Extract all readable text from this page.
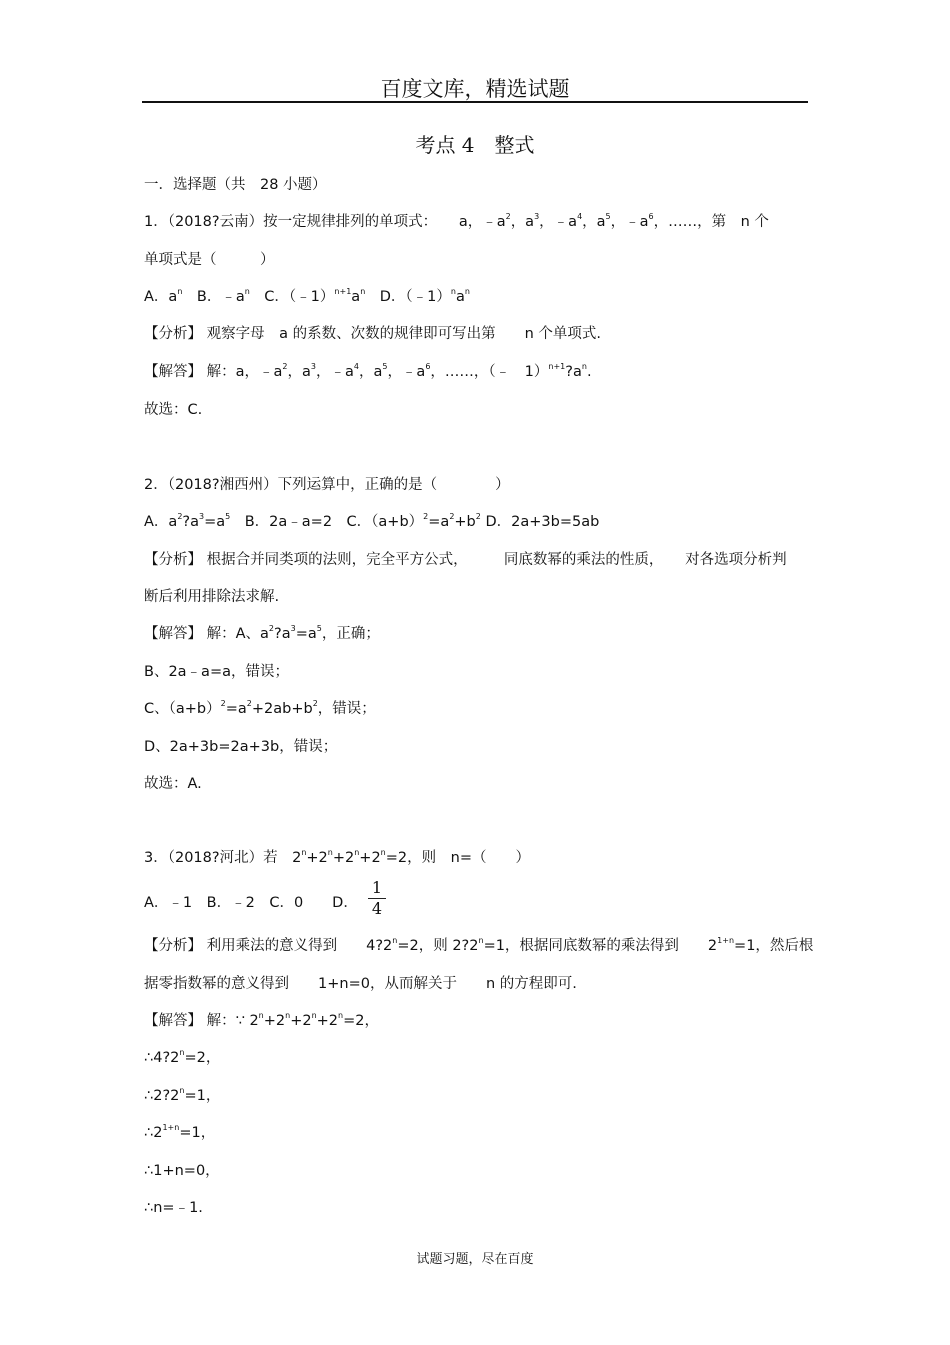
百度文库，精选试题
考点 4　整式
一．选择题（共　28 小题）
1．（2018?云南）按一定规律排列的单项式：　　a，$﹣a^2$，$a^3$，$﹣a^4$，$a^5$，$﹣a^6$，……，第　n 个
单项式是（　　　）
A．$a^n$　B．$﹣a^n$　C．$(﹣1)^{n+1}a^n$　D．$(﹣1)^na^n$
【分析】 观察字母　a 的系数、次数的规律即可写出第　　n 个单项式.
【解答】 解：a，$﹣a^2$，$a^3$，$﹣a^4$，$a^5$，$﹣a^6$，……，（﹣　$1)^{n+1}?a^n$.
故选：C.
2．（2018?湘西州）下列运算中，正确的是（　　　　）
A．$a^2?a^3=a^5$　B．2a﹣a=2　C．$(a+b)^2=a^2+b^2$ D．2a+3b=5ab
【分析】 根据合并同类项的法则，完全平方公式，　　　同底数幂的乘法的性质，　　对各选项分析判
断后利用排除法求解.
【解答】 解：A、$a^2?a^3=a^5$，正确；
B、2a﹣a=a，错误；
C、$(a+b)^2=a^2+2ab+b^2$，错误；
D、2a+3b=2a+3b，错误；
故选：A.
3．（2018?河北）若　$2^n+2^n+2^n+2^n=2$，则　n=（　　）
A．﹣1　B．﹣2　C．0　　D．
1
4
【分析】 利用乘法的意义得到　　$4?2^n=2$，则 $2?2^n=1$，根据同底数幂的乘法得到　　$2^{1+n}=1$，然后根
据零指数幂的意义得到　　1+n=0，从而解关于　　n 的方程即可.
【解答】 解：∵ $2^n+2^n+2^n+2^n=2$，
$\therefore 4?2^n=2$，
$\therefore 2?2^n=1$，
$\therefore 2^{1+n}=1$，
∴1+n=0，
∴n=﹣1.
试题习题，尽在百度
